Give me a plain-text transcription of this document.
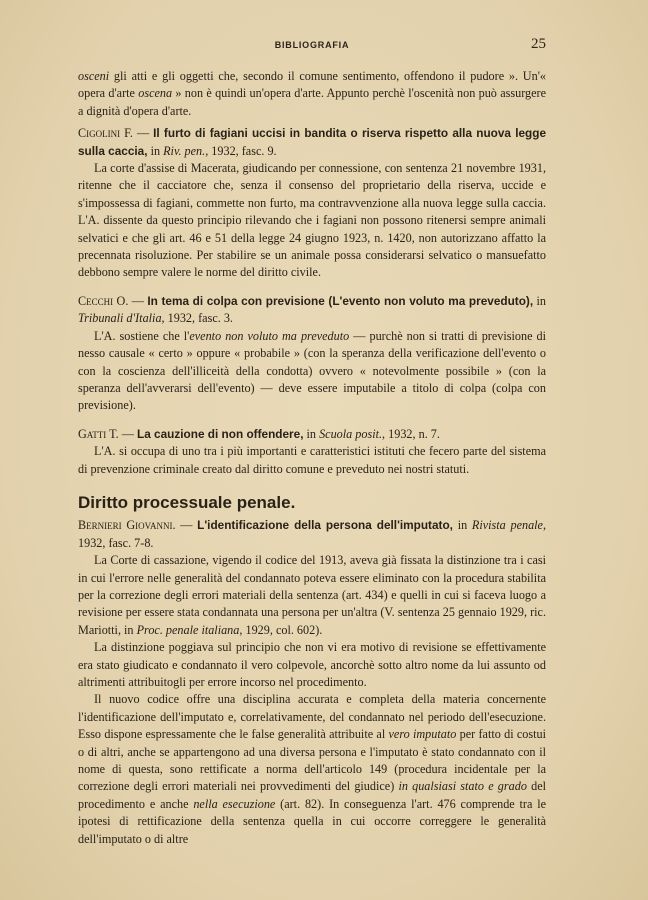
BIBLIOGRAFIA	25

osceni gli atti e gli oggetti che, secondo il comune sentimento, offendono il pudore ». Un'« opera d'arte oscena » non è quindi un'opera d'arte. Appunto perchè l'oscenità non può assurgere a dignità d'opera d'arte.

Cigolini F. — Il furto di fagiani uccisi in bandita o riserva rispetto alla nuova legge sulla caccia, in Riv. pen., 1932, fasc. 9.

La corte d'assise di Macerata, giudicando per connessione, con sentenza 21 novembre 1931, ritenne che il cacciatore che, senza il consenso del proprietario della riserva, uccide e s'impossessa di fagiani, commette non furto, ma contravvenzione alla nuova legge sulla caccia. L'A. dissente da questo principio rilevando che i fagiani non possono ritenersi sempre animali selvatici e che gli art. 46 e 51 della legge 24 giugno 1923, n. 1420, non autorizzano affatto la precennata risoluzione. Per stabilire se un animale possa considerarsi selvatico o mansuefatto debbono sempre valere le norme del diritto civile.

Cecchi O. — In tema di colpa con previsione (L'evento non voluto ma preveduto), in Tribunali d'Italia, 1932, fasc. 3.

L'A. sostiene che l'evento non voluto ma preveduto — purchè non si tratti di previsione di nesso causale « certo » oppure « probabile » (con la speranza della verificazione dell'evento o con la coscienza dell'illiceità della condotta) ovvero « notevolmente possibile » (con la speranza dell'avverarsi dell'evento) — deve essere imputabile a titolo di colpa (colpa con previsione).

Gatti T. — La cauzione di non offendere, in Scuola posit., 1932, n. 7.

L'A. si occupa di uno tra i più importanti e caratteristici istituti che fecero parte del sistema di prevenzione criminale creato dal diritto comune e preveduto nei nostri statuti.

Diritto processuale penale.

Bernieri Giovanni. — L'identificazione della persona dell'imputato, in Rivista penale, 1932, fasc. 7-8.

La Corte di cassazione, vigendo il codice del 1913, aveva già fissata la distinzione tra i casi in cui l'errore nelle generalità del condannato poteva essere eliminato con la procedura stabilita per la correzione degli errori materiali della sentenza (art. 434) e quelli in cui si faceva luogo a revisione per essere stata condannata una persona per un'altra (V. sentenza 25 gennaio 1929, ric. Mariotti, in Proc. penale italiana, 1929, col. 602).

La distinzione poggiava sul principio che non vi era motivo di revisione se effettivamente era stato giudicato e condannato il vero colpevole, ancorchè sotto altro nome da lui assunto od altrimenti attribuitogli per errore incorso nel procedimento.

Il nuovo codice offre una disciplina accurata e completa della materia concernente l'identificazione dell'imputato e, correlativamente, del condannato nel periodo dell'esecuzione. Esso dispone espressamente che le false generalità attribuite al vero imputato per fatto di costui o di altri, anche se appartengono ad una diversa persona e l'imputato è stato condannato con il nome di questa, sono rettificate a norma dell'articolo 149 (procedura incidentale per la correzione degli errori materiali nei provvedimenti del giudice) in qualsiasi stato e grado del procedimento e anche nella esecuzione (art. 82). In conseguenza l'art. 476 comprende tra le ipotesi di rettificazione della sentenza quella in cui occorre correggere le generalità dell'imputato o di altre
